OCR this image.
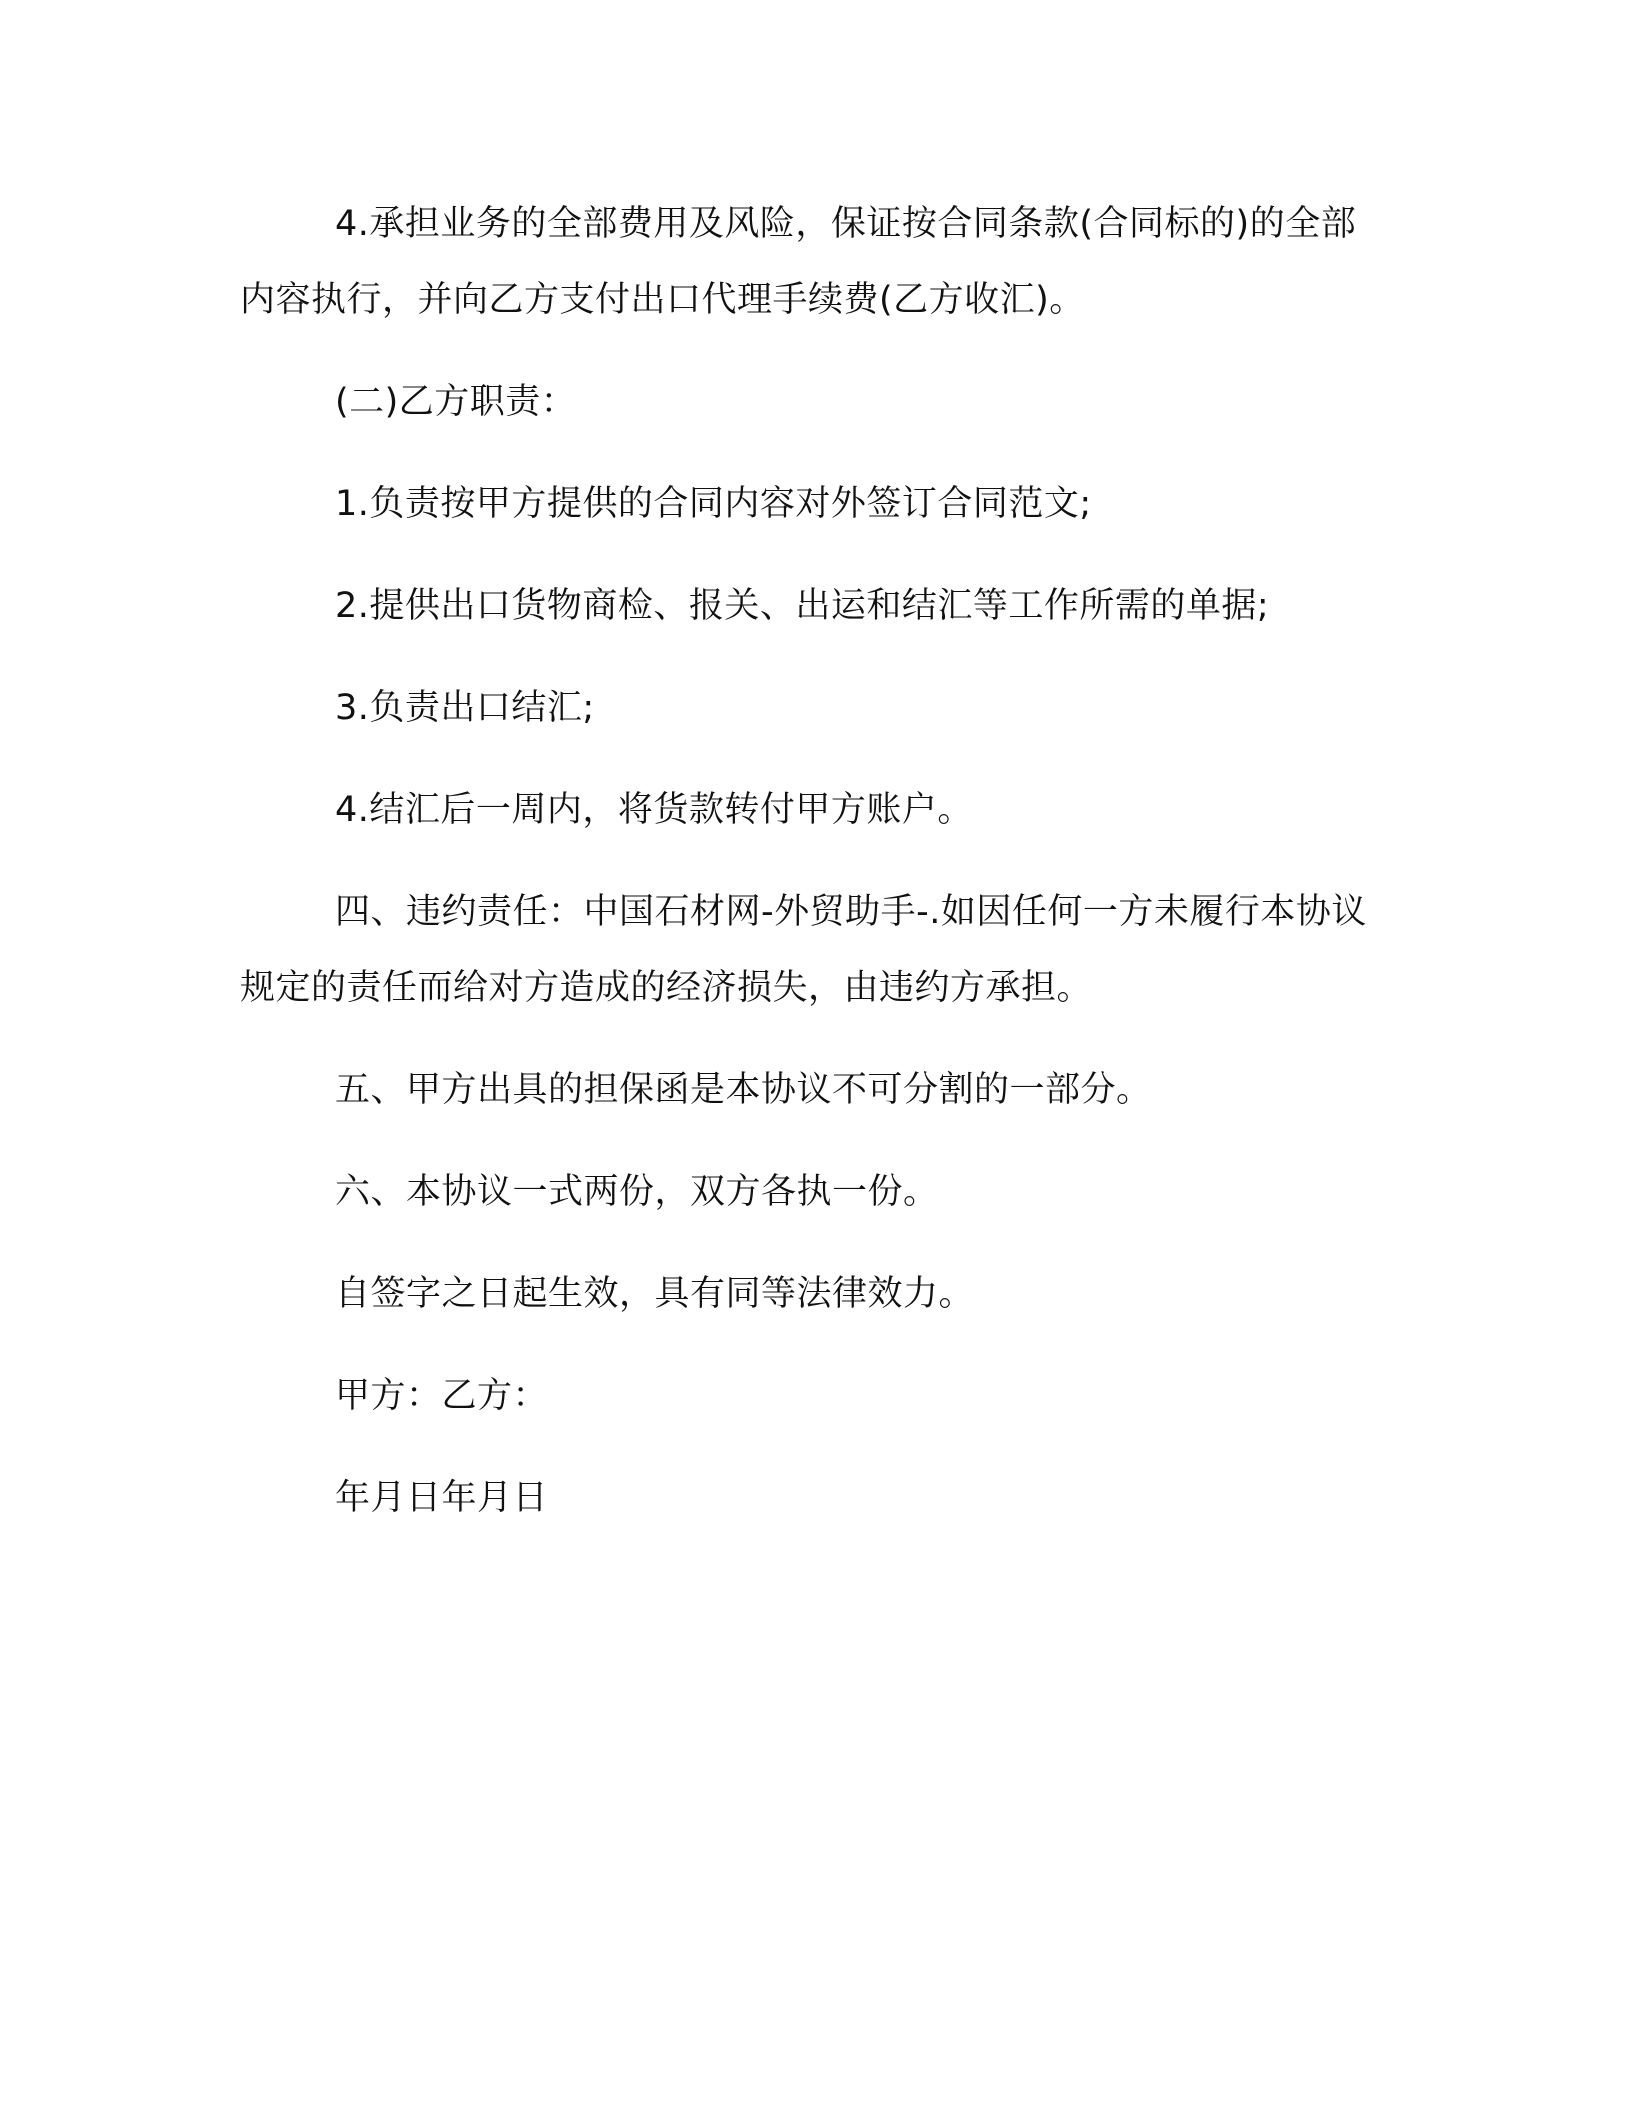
4.承担业务的全部费用及风险，保证按合同条款(合同标的)的全部内容执行，并向乙方支付出口代理手续费(乙方收汇)。

(二)乙方职责：

1.负责按甲方提供的合同内容对外签订合同范文;

2.提供出口货物商检、报关、出运和结汇等工作所需的单据;

3.负责出口结汇;

4.结汇后一周内，将货款转付甲方账户。

四、违约责任：中国石材网-外贸助手-.如因任何一方未履行本协议规定的责任而给对方造成的经济损失，由违约方承担。

五、甲方出具的担保函是本协议不可分割的一部分。

六、本协议一式两份，双方各执一份。

自签字之日起生效，具有同等法律效力。

甲方：乙方：

年月日年月日
